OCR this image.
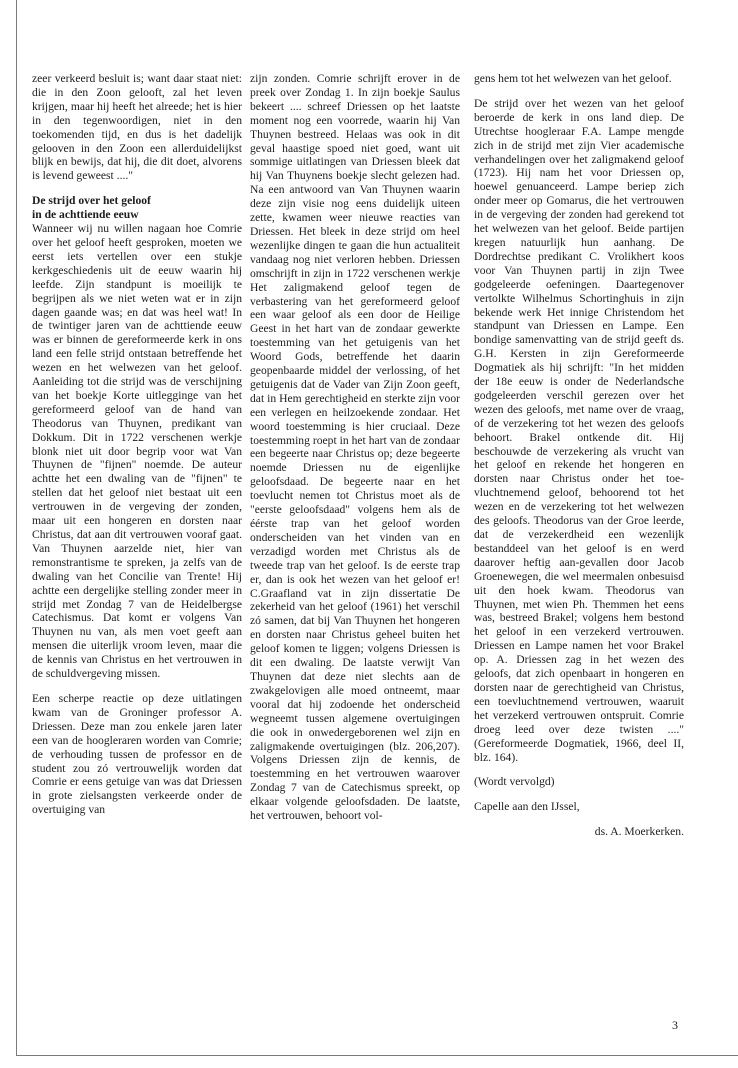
zeer verkeerd besluit is; want daar staat niet: die in den Zoon gelooft, zal het leven krijgen, maar hij heeft het alreede; het is hier in den tegenwoordigen, niet in den toekomenden tijd, en dus is het dadelijk gelooven in den Zoon een allerduidelijkst blijk en bewijs, dat hij, die dit doet, alvorens is levend geweest ...."

De strijd over het geloof
in de achttiende eeuw

Wanneer wij nu willen nagaan hoe Comrie over het geloof heeft gesproken, moeten we eerst iets vertellen over een stukje kerkgeschiedenis uit de eeuw waarin hij leefde. Zijn standpunt is moeilijk te begrijpen als we niet weten wat er in zijn dagen gaande was; en dat was heel wat! In de twintiger jaren van de achttiende eeuw was er binnen de gereformeerde kerk in ons land een felle strijd ontstaan betreffende het wezen en het welwezen van het geloof. Aanleiding tot die strijd was de verschijning van het boekje Korte uitlegginge van het gereformeerd geloof van de hand van Theodorus van Thuynen, predikant van Dokkum. Dit in 1722 verschenen werkje blonk niet uit door begrip voor wat Van Thuynen de "fijnen" noemde. De auteur achtte het een dwaling van de "fijnen" te stellen dat het geloof niet bestaat uit een vertrouwen in de vergeving der zonden, maar uit een hongeren en dorsten naar Christus, dat aan dit vertrouwen vooraf gaat. Van Thuynen aarzelde niet, hier van remonstrantisme te spreken, ja zelfs van de dwaling van het Concilie van Trente! Hij achtte een dergelijke stelling zonder meer in strijd met Zondag 7 van de Heidelbergse Catechismus. Dat komt er volgens Van Thuynen nu van, als men voet geeft aan mensen die uiterlijk vroom leven, maar die de kennis van Christus en het vertrouwen in de schuldvergeving missen.

Een scherpe reactie op deze uitlatingen kwam van de Groninger professor A. Driessen. Deze man zou enkele jaren later een van de hoogleraren worden van Comrie; de verhouding tussen de professor en de student zou zó vertrouwelijk worden dat Comrie er eens getuige van was dat Driessen in grote zielsangsten verkeerde onder de overtuiging van

zijn zonden. Comrie schrijft erover in de preek over Zondag 1. In zijn boekje Saulus bekeert .... schreef Driessen op het laatste moment nog een voorrede, waarin hij Van Thuynen bestreed. Helaas was ook in dit geval haastige spoed niet goed, want uit sommige uitlatingen van Driessen bleek dat hij Van Thuynens boekje slecht gelezen had. Na een antwoord van Van Thuynen waarin deze zijn visie nog eens duidelijk uiteen zette, kwamen weer nieuwe reacties van Driessen. Het bleek in deze strijd om heel wezenlijke dingen te gaan die hun actualiteit vandaag nog niet verloren hebben. Driessen omschrijft in zijn in 1722 verschenen werkje Het zaligmakend geloof tegen de verbastering van het gereformeerd geloof een waar geloof als een door de Heilige Geest in het hart van de zondaar gewerkte toestemming van het getuigenis van het Woord Gods, betreffende het daarin geopenbaarde middel der verlossing, of het getuigenis dat de Vader van Zijn Zoon geeft, dat in Hem gerechtigheid en sterkte zijn voor een verlegen en heilzoekende zondaar. Het woord toestemming is hier cruciaal. Deze toestemming roept in het hart van de zondaar een begeerte naar Christus op; deze begeerte noemde Driessen nu de eigenlijke geloofsdaad. De begeerte naar en het toevlucht nemen tot Christus moet als de "eerste geloofsdaad" volgens hem als de éérste trap van het geloof worden onderscheiden van het vinden van en verzadigd worden met Christus als de tweede trap van het geloof. Is de eerste trap er, dan is ook het wezen van het geloof er! C.Graafland vat in zijn dissertatie De zekerheid van het geloof (1961) het verschil zó samen, dat bij Van Thuynen het hongeren en dorsten naar Christus geheel buiten het geloof komen te liggen; volgens Driessen is dit een dwaling. De laatste verwijt Van Thuynen dat deze niet slechts aan de zwakgelovigen alle moed ontneemt, maar vooral dat hij zodoende het onderscheid wegneemt tussen algemene overtuigingen die ook in onwedergeborenen wel zijn en zaligmakende overtuigingen (blz. 206,207). Volgens Driessen zijn de kennis, de toestemming en het vertrouwen waarover Zondag 7 van de Catechismus spreekt, op elkaar volgende geloofsdaden. De laatste, het vertrouwen, behoort vol-

gens hem tot het welwezen van het geloof.

De strijd over het wezen van het geloof beroerde de kerk in ons land diep. De Utrechtse hoogleraar F.A. Lampe mengde zich in de strijd met zijn Vier academische verhandelingen over het zaligmakend geloof (1723). Hij nam het voor Driessen op, hoewel genuanceerd. Lampe beriep zich onder meer op Gomarus, die het vertrouwen in de vergeving der zonden had gerekend tot het welwezen van het geloof. Beide partijen kregen natuurlijk hun aanhang. De Dordrechtse predikant C. Vrolikhert koos voor Van Thuynen partij in zijn Twee godgeleerde oefeningen. Daartegenover vertolkte Wilhelmus Schortinghuis in zijn bekende werk Het innige Christendom het standpunt van Driessen en Lampe. Een bondige samenvatting van de strijd geeft ds. G.H. Kersten in zijn Gereformeerde Dogmatiek als hij schrijft: "In het midden der 18e eeuw is onder de Nederlandsche godgeleerden verschil gerezen over het wezen des geloofs, met name over de vraag, of de verzekering tot het wezen des geloofs behoort. Brakel ontkende dit. Hij beschouwde de verzekering als vrucht van het geloof en rekende het hongeren en dorsten naar Christus onder het toe-vluchtnemend geloof, behoorend tot het wezen en de verzekering tot het welwezen des geloofs. Theodorus van der Groe leerde, dat de verzekerdheid een wezenlijk bestanddeel van het geloof is en werd daarover heftig aan-gevallen door Jacob Groenewegen, die wel meermalen onbesuisd uit den hoek kwam. Theodorus van Thuynen, met wien Ph. Themmen het eens was, bestreed Brakel; volgens hem bestond het geloof in een verzekerd vertrouwen. Driessen en Lampe namen het voor Brakel op. A. Driessen zag in het wezen des geloofs, dat zich openbaart in hongeren en dorsten naar de gerechtigheid van Christus, een toevluchtnemend vertrouwen, waaruit het verzekerd vertrouwen ontspruit. Comrie droeg leed over deze twisten ...." (Gereformeerde Dogmatiek, 1966, deel II, blz. 164).

(Wordt vervolgd)

Capelle aan den IJssel,

ds. A. Moerkerken.

3
